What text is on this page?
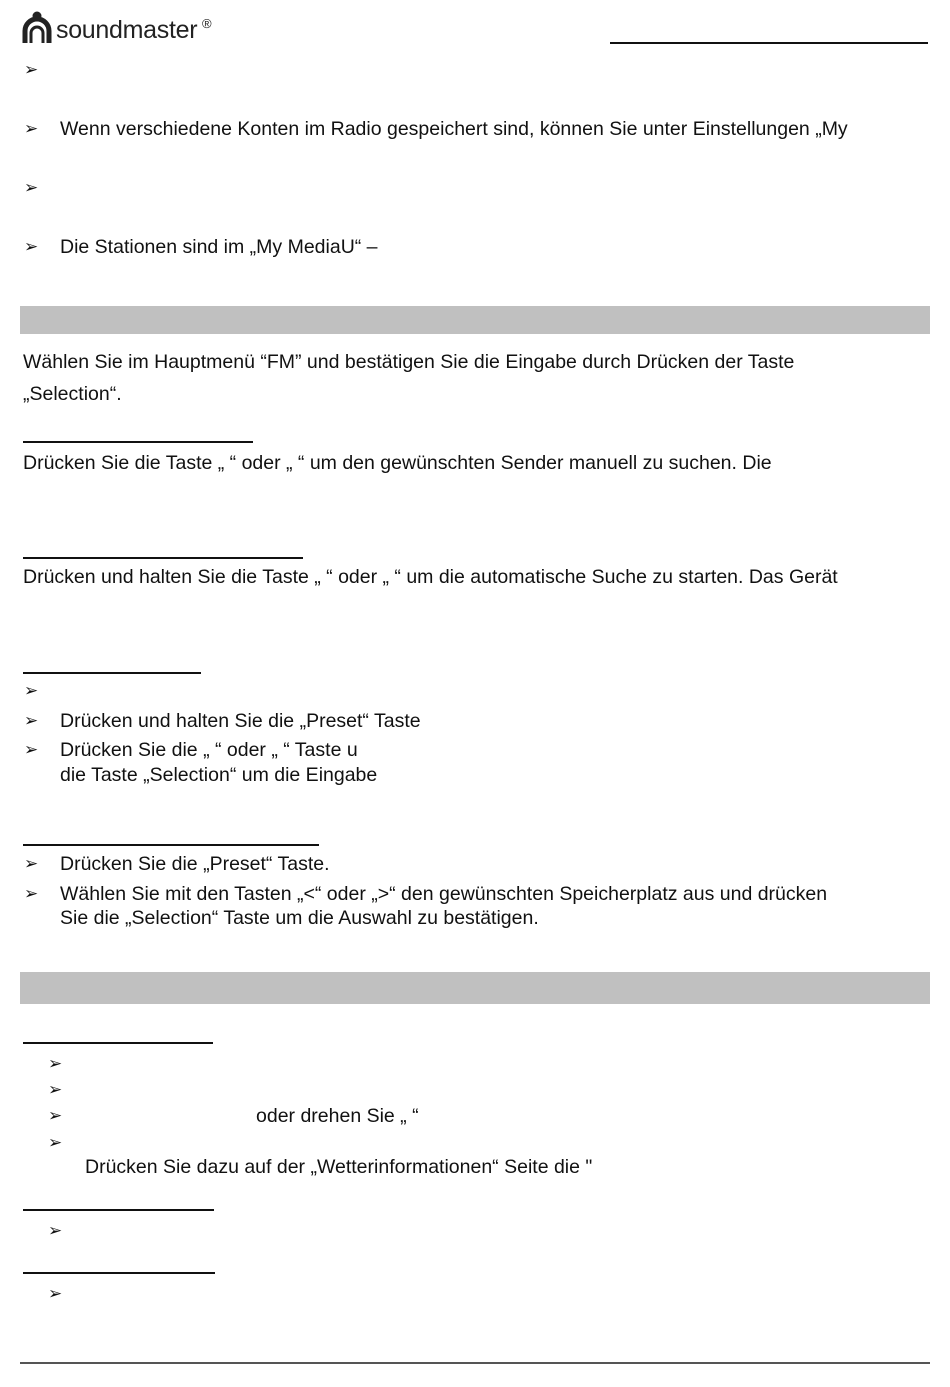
soundmaster ®
➢
➢ Wenn verschiedene Konten im Radio gespeichert sind, können Sie unter Einstellungen „My
➢
➢ Die Stationen sind im „My MediaU“ –
Wählen Sie im Hauptmenü “FM” und bestätigen Sie die Eingabe durch Drücken der Taste
„Selection“.
Drücken Sie die Taste „ “ oder „ “ um den gewünschten Sender manuell zu suchen. Die
Drücken und halten Sie die Taste „ “ oder „ “ um die automatische Suche zu starten. Das Gerät
➢
➢ Drücken und halten Sie die „Preset“ Taste
➢ Drücken Sie die „ “ oder „ “ Taste u
die Taste „Selection“ um die Eingabe
➢ Drücken Sie die „Preset“ Taste.
➢ Wählen Sie mit den Tasten „<“ oder „>“ den gewünschten Speicherplatz aus und drücken
Sie die „Selection“ Taste um die Auswahl zu bestätigen.
➢
➢
➢	oder drehen Sie „ “
➢
Drücken Sie dazu auf der „Wetterinformationen“ Seite die "
➢
➢
